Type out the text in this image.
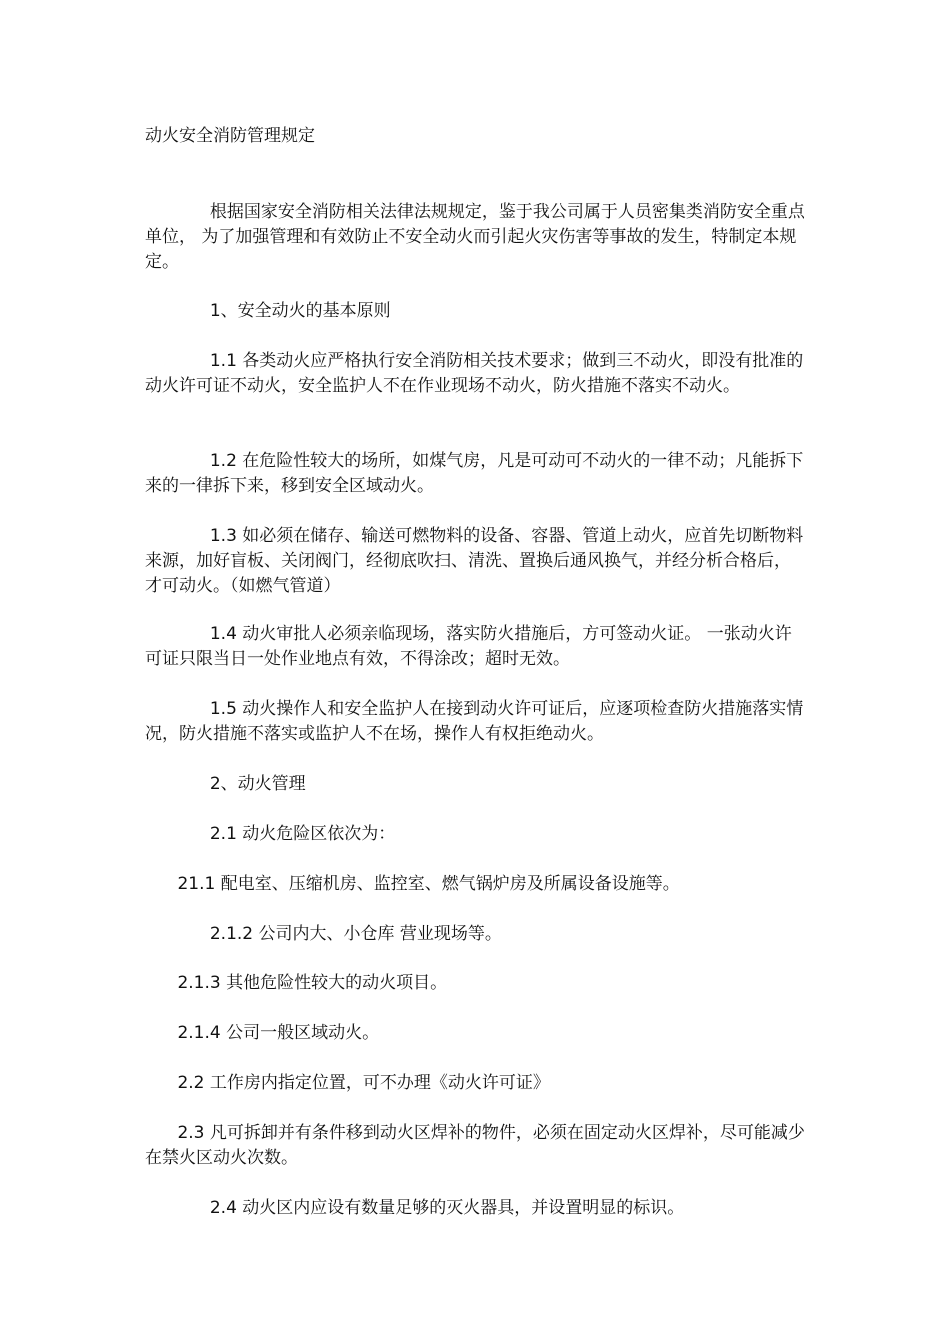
动火安全消防管理规定

根据国家安全消防相关法律法规规定，鉴于我公司属于人员密集类消防安全重点单位， 为了加强管理和有效防止不安全动火而引起火灾伤害等事故的发生，特制定本规定。

1、安全动火的基本原则

1.1 各类动火应严格执行安全消防相关技术要求；做到三不动火，即没有批准的动火许可证不动火，安全监护人不在作业现场不动火，防火措施不落实不动火。

1.2 在危险性较大的场所，如煤气房，凡是可动可不动火的一律不动；凡能拆下来的一律拆下来，移到安全区域动火。

1.3 如必须在储存、输送可燃物料的设备、容器、管道上动火，应首先切断物料来源，加好盲板、关闭阀门，经彻底吹扫、清洗、置换后通风换气，并经分析合格后，才可动火。（如燃气管道）

1.4 动火审批人必须亲临现场，落实防火措施后，方可签动火证。 一张动火许可证只限当日一处作业地点有效，不得涂改；超时无效。

1.5 动火操作人和安全监护人在接到动火许可证后，应逐项检查防火措施落实情况，防火措施不落实或监护人不在场，操作人有权拒绝动火。

2、动火管理

2.1 动火危险区依次为：

21.1 配电室、压缩机房、监控室、燃气锅炉房及所属设备设施等。

2.1.2 公司内大、小仓库 营业现场等。

2.1.3 其他危险性较大的动火项目。

2.1.4 公司一般区域动火。

2.2 工作房内指定位置，可不办理《动火许可证》

2.3 凡可拆卸并有条件移到动火区焊补的物件，必须在固定动火区焊补，尽可能减少在禁火区动火次数。

2.4 动火区内应设有数量足够的灭火器具，并设置明显的标识。
